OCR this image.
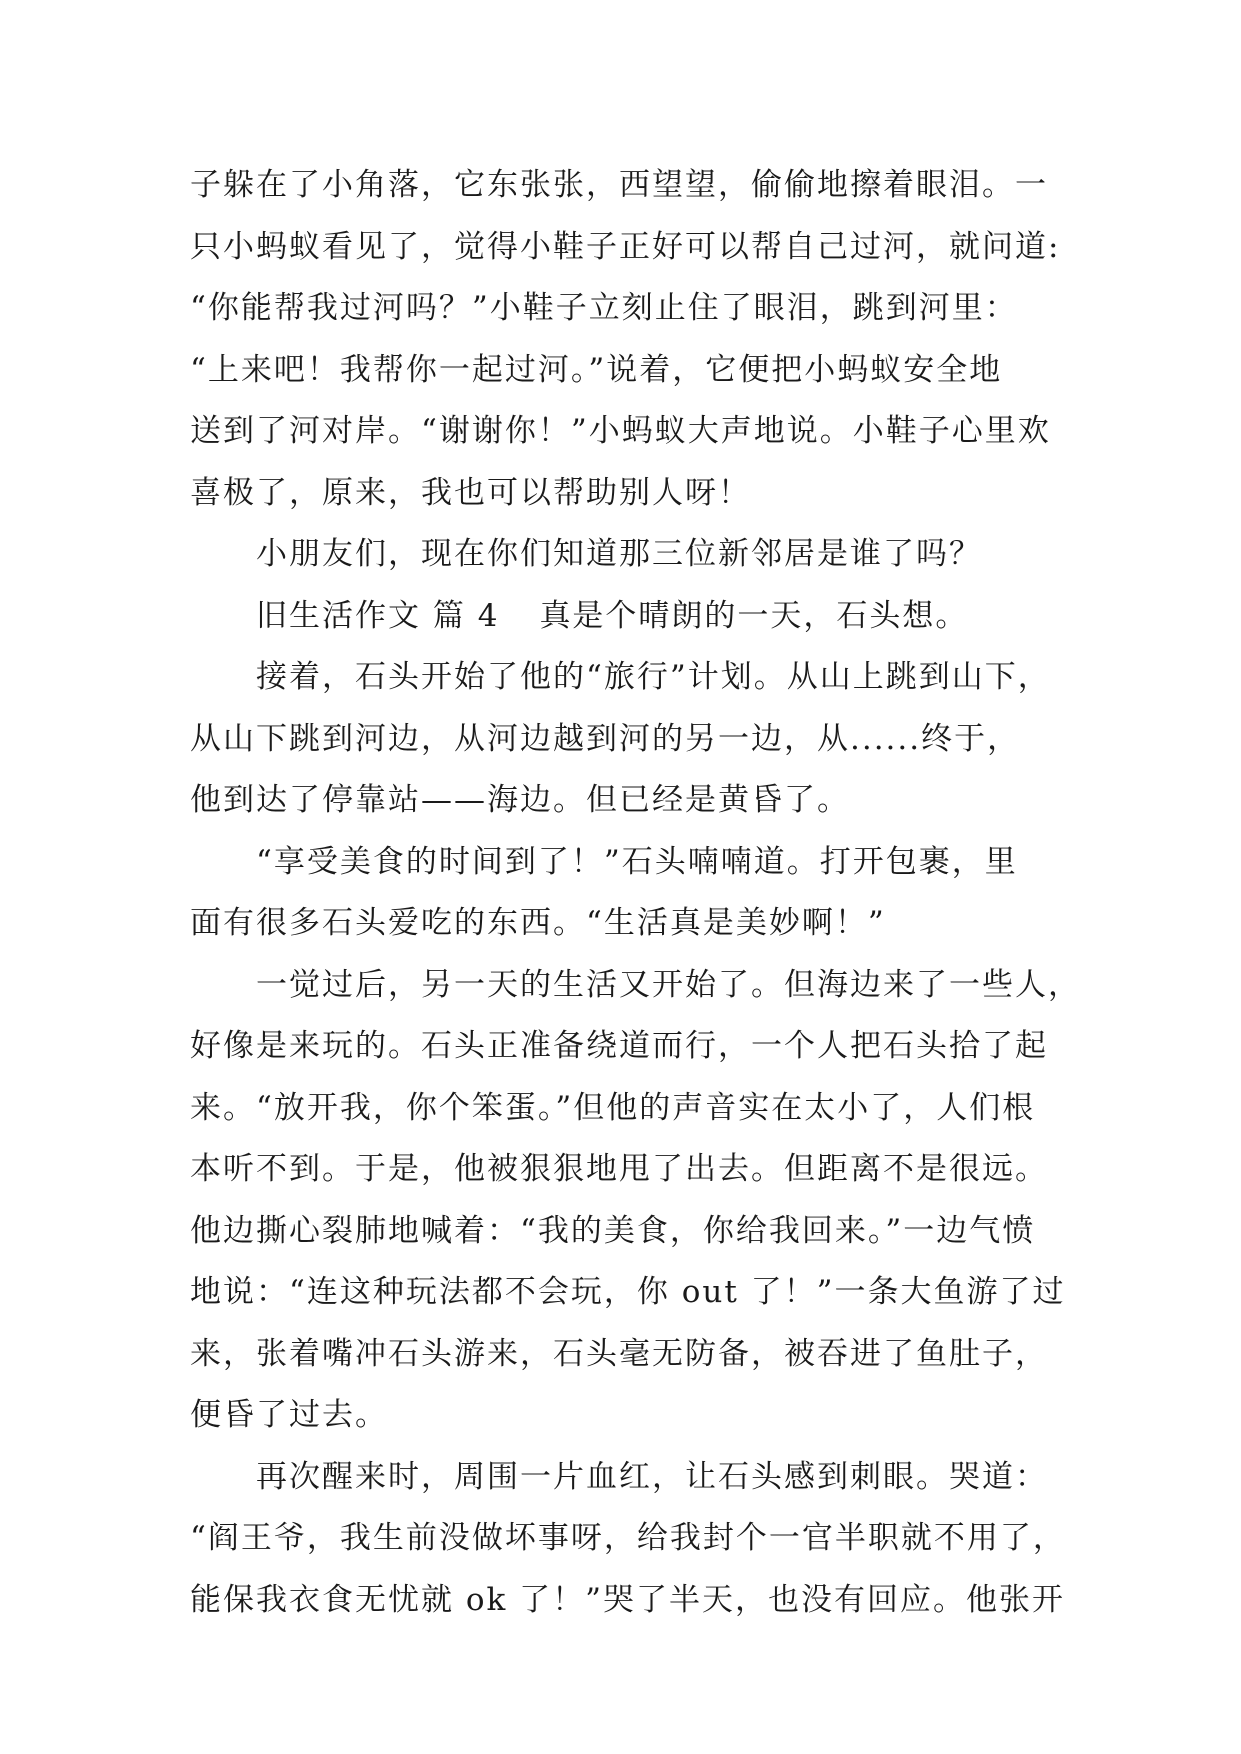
子躲在了小角落，它东张张，西望望，偷偷地擦着眼泪。一
只小蚂蚁看见了，觉得小鞋子正好可以帮自己过河，就问道:
“你能帮我过河吗？”小鞋子立刻止住了眼泪，跳到河里：
“上来吧！我帮你一起过河。”说着，它便把小蚂蚁安全地
送到了河对岸。“谢谢你！”小蚂蚁大声地说。小鞋子心里欢
喜极了，原来，我也可以帮助别人呀！
　　小朋友们，现在你们知道那三位新邻居是谁了吗？
　　旧生活作文 篇 4 真是个晴朗的一天，石头想。
　　接着，石头开始了他的“旅行”计划。从山上跳到山下，
从山下跳到河边，从河边越到河的另一边，从......终于，
他到达了停靠站——海边。但已经是黄昏了。
　　“享受美食的时间到了！”石头喃喃道。打开包裹，里
面有很多石头爱吃的东西。“生活真是美妙啊！”
　　一觉过后，另一天的生活又开始了。但海边来了一些人，
好像是来玩的。石头正准备绕道而行，一个人把石头拾了起
来。“放开我，你个笨蛋。”但他的声音实在太小了，人们根
本听不到。于是，他被狠狠地甩了出去。但距离不是很远。
他边撕心裂肺地喊着：“我的美食，你给我回来。”一边气愤
地说：“连这种玩法都不会玩，你 out 了！”一条大鱼游了过
来，张着嘴冲石头游来，石头毫无防备，被吞进了鱼肚子，
便昏了过去。
　　再次醒来时，周围一片血红，让石头感到刺眼。哭道：
“阎王爷，我生前没做坏事呀，给我封个一官半职就不用了，
能保我衣食无忧就 ok 了！”哭了半天，也没有回应。他张开
